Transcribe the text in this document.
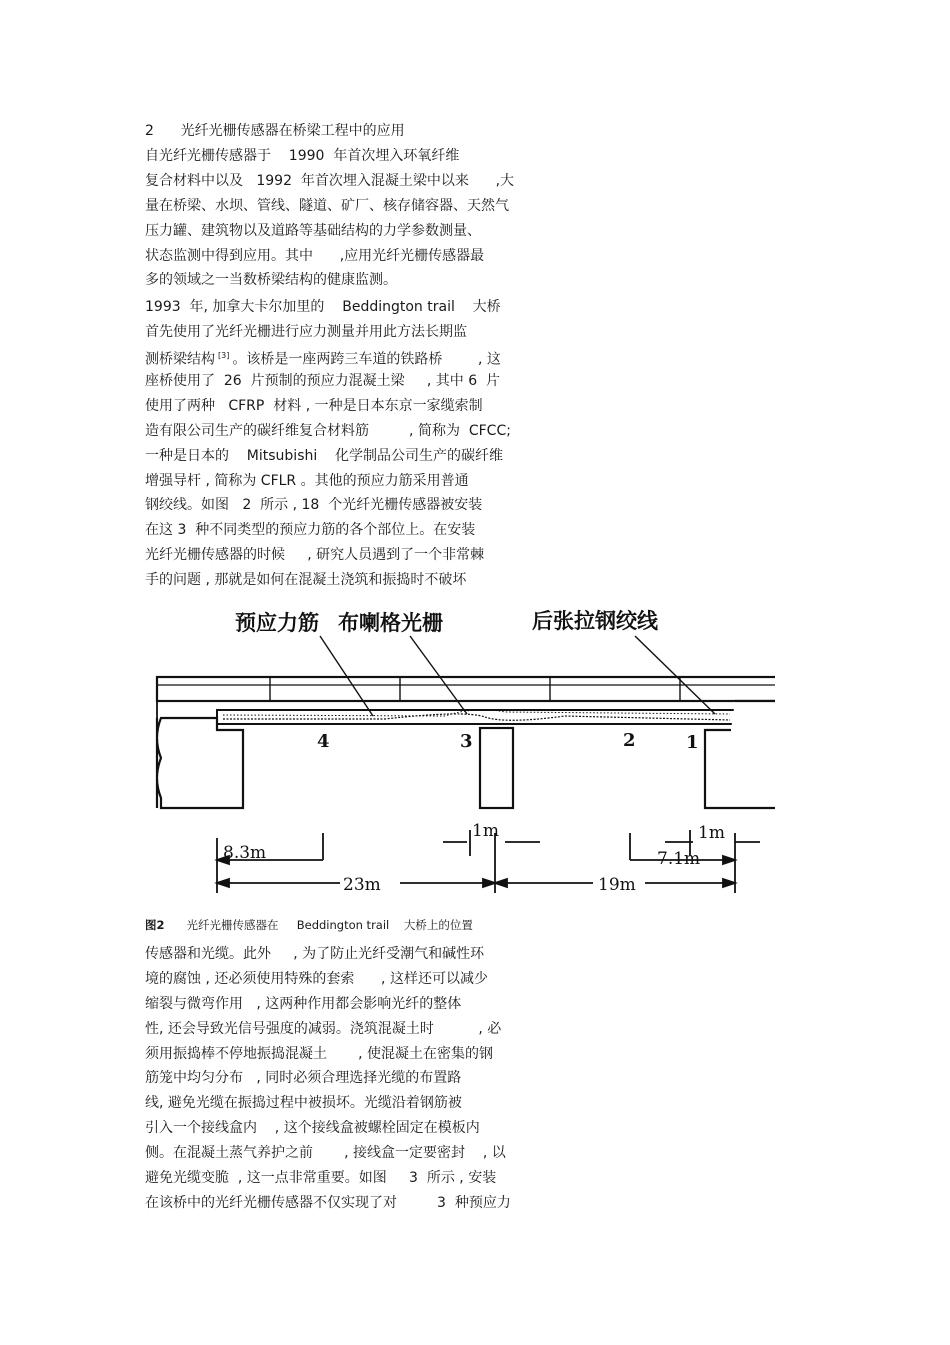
2      光纤光栅传感器在桥梁工程中的应用
自光纤光栅传感器于    1990  年首次埋入环氧纤维
复合材料中以及   1992  年首次埋入混凝土梁中以来      ,大
量在桥梁、水坝、管线、隧道、矿厂、核存储容器、天然气
压力罐、建筑物以及道路等基础结构的力学参数测量、
状态监测中得到应用。其中      ,应用光纤光栅传感器最
多的领域之一当数桥梁结构的健康监测。
1993  年, 加拿大卡尔加里的    Beddington trail    大桥
首先使用了光纤光栅进行应力测量并用此方法长期监
测桥梁结构 [3] 。该桥是一座两跨三车道的铁路桥        , 这
座桥使用了  26  片预制的预应力混凝土梁     , 其中 6  片
使用了两种   CFRP  材料 , 一种是日本东京一家缆索制
造有限公司生产的碳纤维复合材料筋         , 简称为  CFCC;
一种是日本的    Mitsubishi    化学制品公司生产的碳纤维
增强导杆 , 简称为 CFLR 。其他的预应力筋采用普通
钢绞线。如图   2  所示 , 18  个光纤光栅传感器被安装
在这 3  种不同类型的预应力筋的各个部位上。在安装
光纤光栅传感器的时候     , 研究人员遇到了一个非常棘
手的问题 , 那就是如何在混凝土浇筑和振捣时不破坏
预应力筋 布喇格光栅	后张拉钢绞线
4	3	2	1
8.3m
23m
1m	1m
7.1m
19m
图2      光纤光栅传感器在     Beddington trail    大桥上的位置
传感器和光缆。此外     , 为了防止光纤受潮气和碱性环
境的腐蚀 , 还必须使用特殊的套索      , 这样还可以减少
缩裂与微弯作用   , 这两种作用都会影响光纤的整体
性, 还会导致光信号强度的减弱。浇筑混凝土时          , 必
须用振捣棒不停地振捣混凝土       , 使混凝土在密集的钢
筋笼中均匀分布   , 同时必须合理选择光缆的布置路
线, 避免光缆在振捣过程中被损坏。光缆沿着钢筋被
引入一个接线盒内    , 这个接线盒被螺栓固定在模板内
侧。在混凝土蒸气养护之前       , 接线盒一定要密封    , 以
避免光缆变脆  , 这一点非常重要。如图     3  所示 , 安装
在该桥中的光纤光栅传感器不仅实现了对         3  种预应力
